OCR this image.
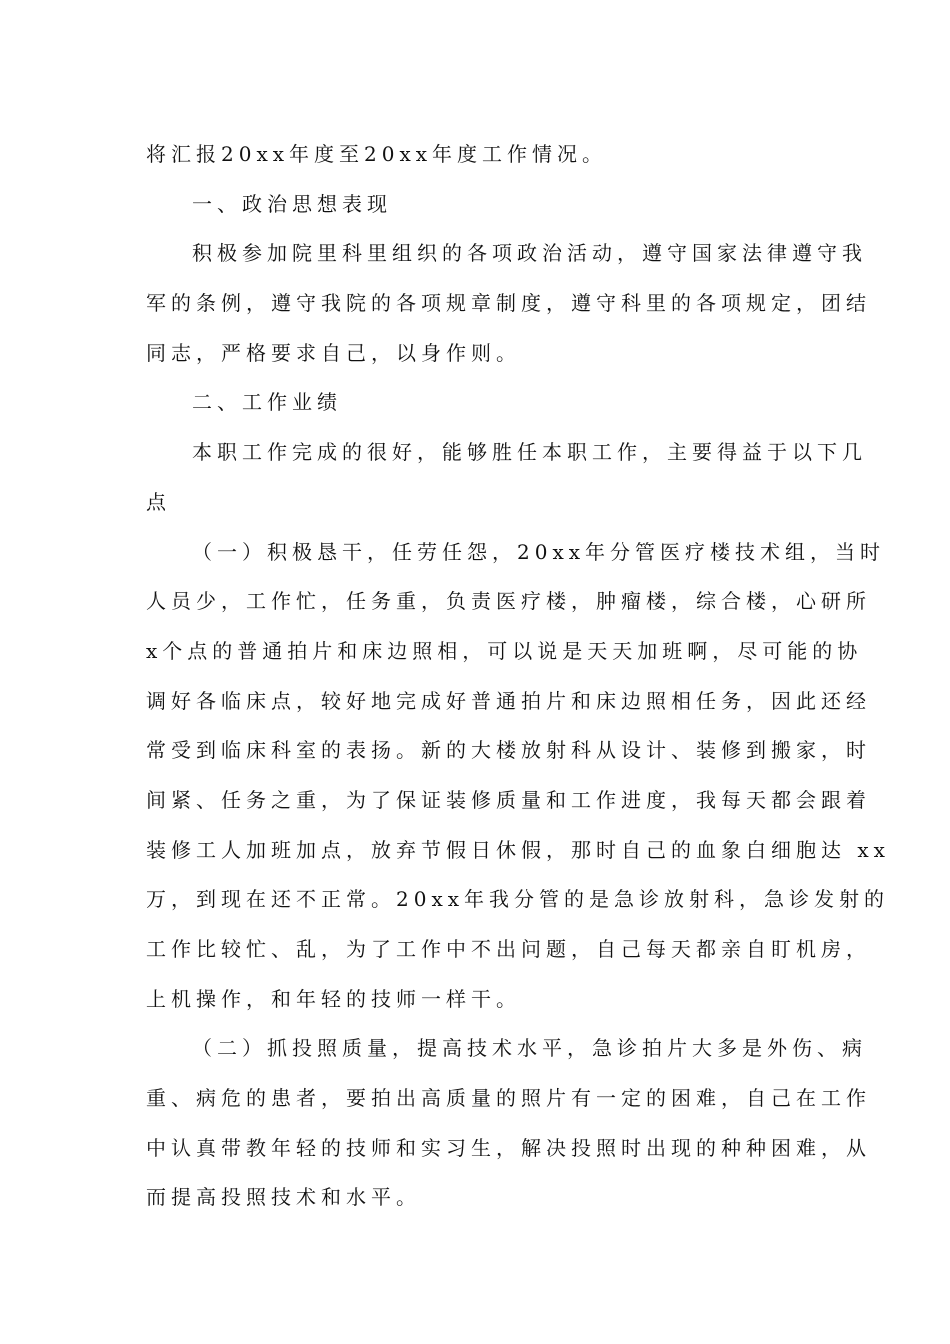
将汇报20xx年度至20xx年度工作情况。
一、政治思想表现
积极参加院里科里组织的各项政治活动，遵守国家法律遵守我
军的条例，遵守我院的各项规章制度，遵守科里的各项规定，团结
同志，严格要求自己，以身作则。
二、工作业绩
本职工作完成的很好，能够胜任本职工作，主要得益于以下几
点
（一）积极恳干，任劳任怨，20xx年分管医疗楼技术组，当时
人员少，工作忙，任务重，负责医疗楼，肿瘤楼，综合楼，心研所
x个点的普通拍片和床边照相，可以说是天天加班啊，尽可能的协
调好各临床点，较好地完成好普通拍片和床边照相任务，因此还经
常受到临床科室的表扬。新的大楼放射科从设计、装修到搬家，时
间紧、任务之重，为了保证装修质量和工作进度，我每天都会跟着
装修工人加班加点，放弃节假日休假，那时自己的血象白细胞达 xx
万，到现在还不正常。20xx年我分管的是急诊放射科，急诊发射的
工作比较忙、乱，为了工作中不出问题，自己每天都亲自盯机房，
上机操作，和年轻的技师一样干。
（二）抓投照质量，提高技术水平，急诊拍片大多是外伤、病
重、病危的患者，要拍出高质量的照片有一定的困难，自己在工作
中认真带教年轻的技师和实习生，解决投照时出现的种种困难，从
而提高投照技术和水平。
